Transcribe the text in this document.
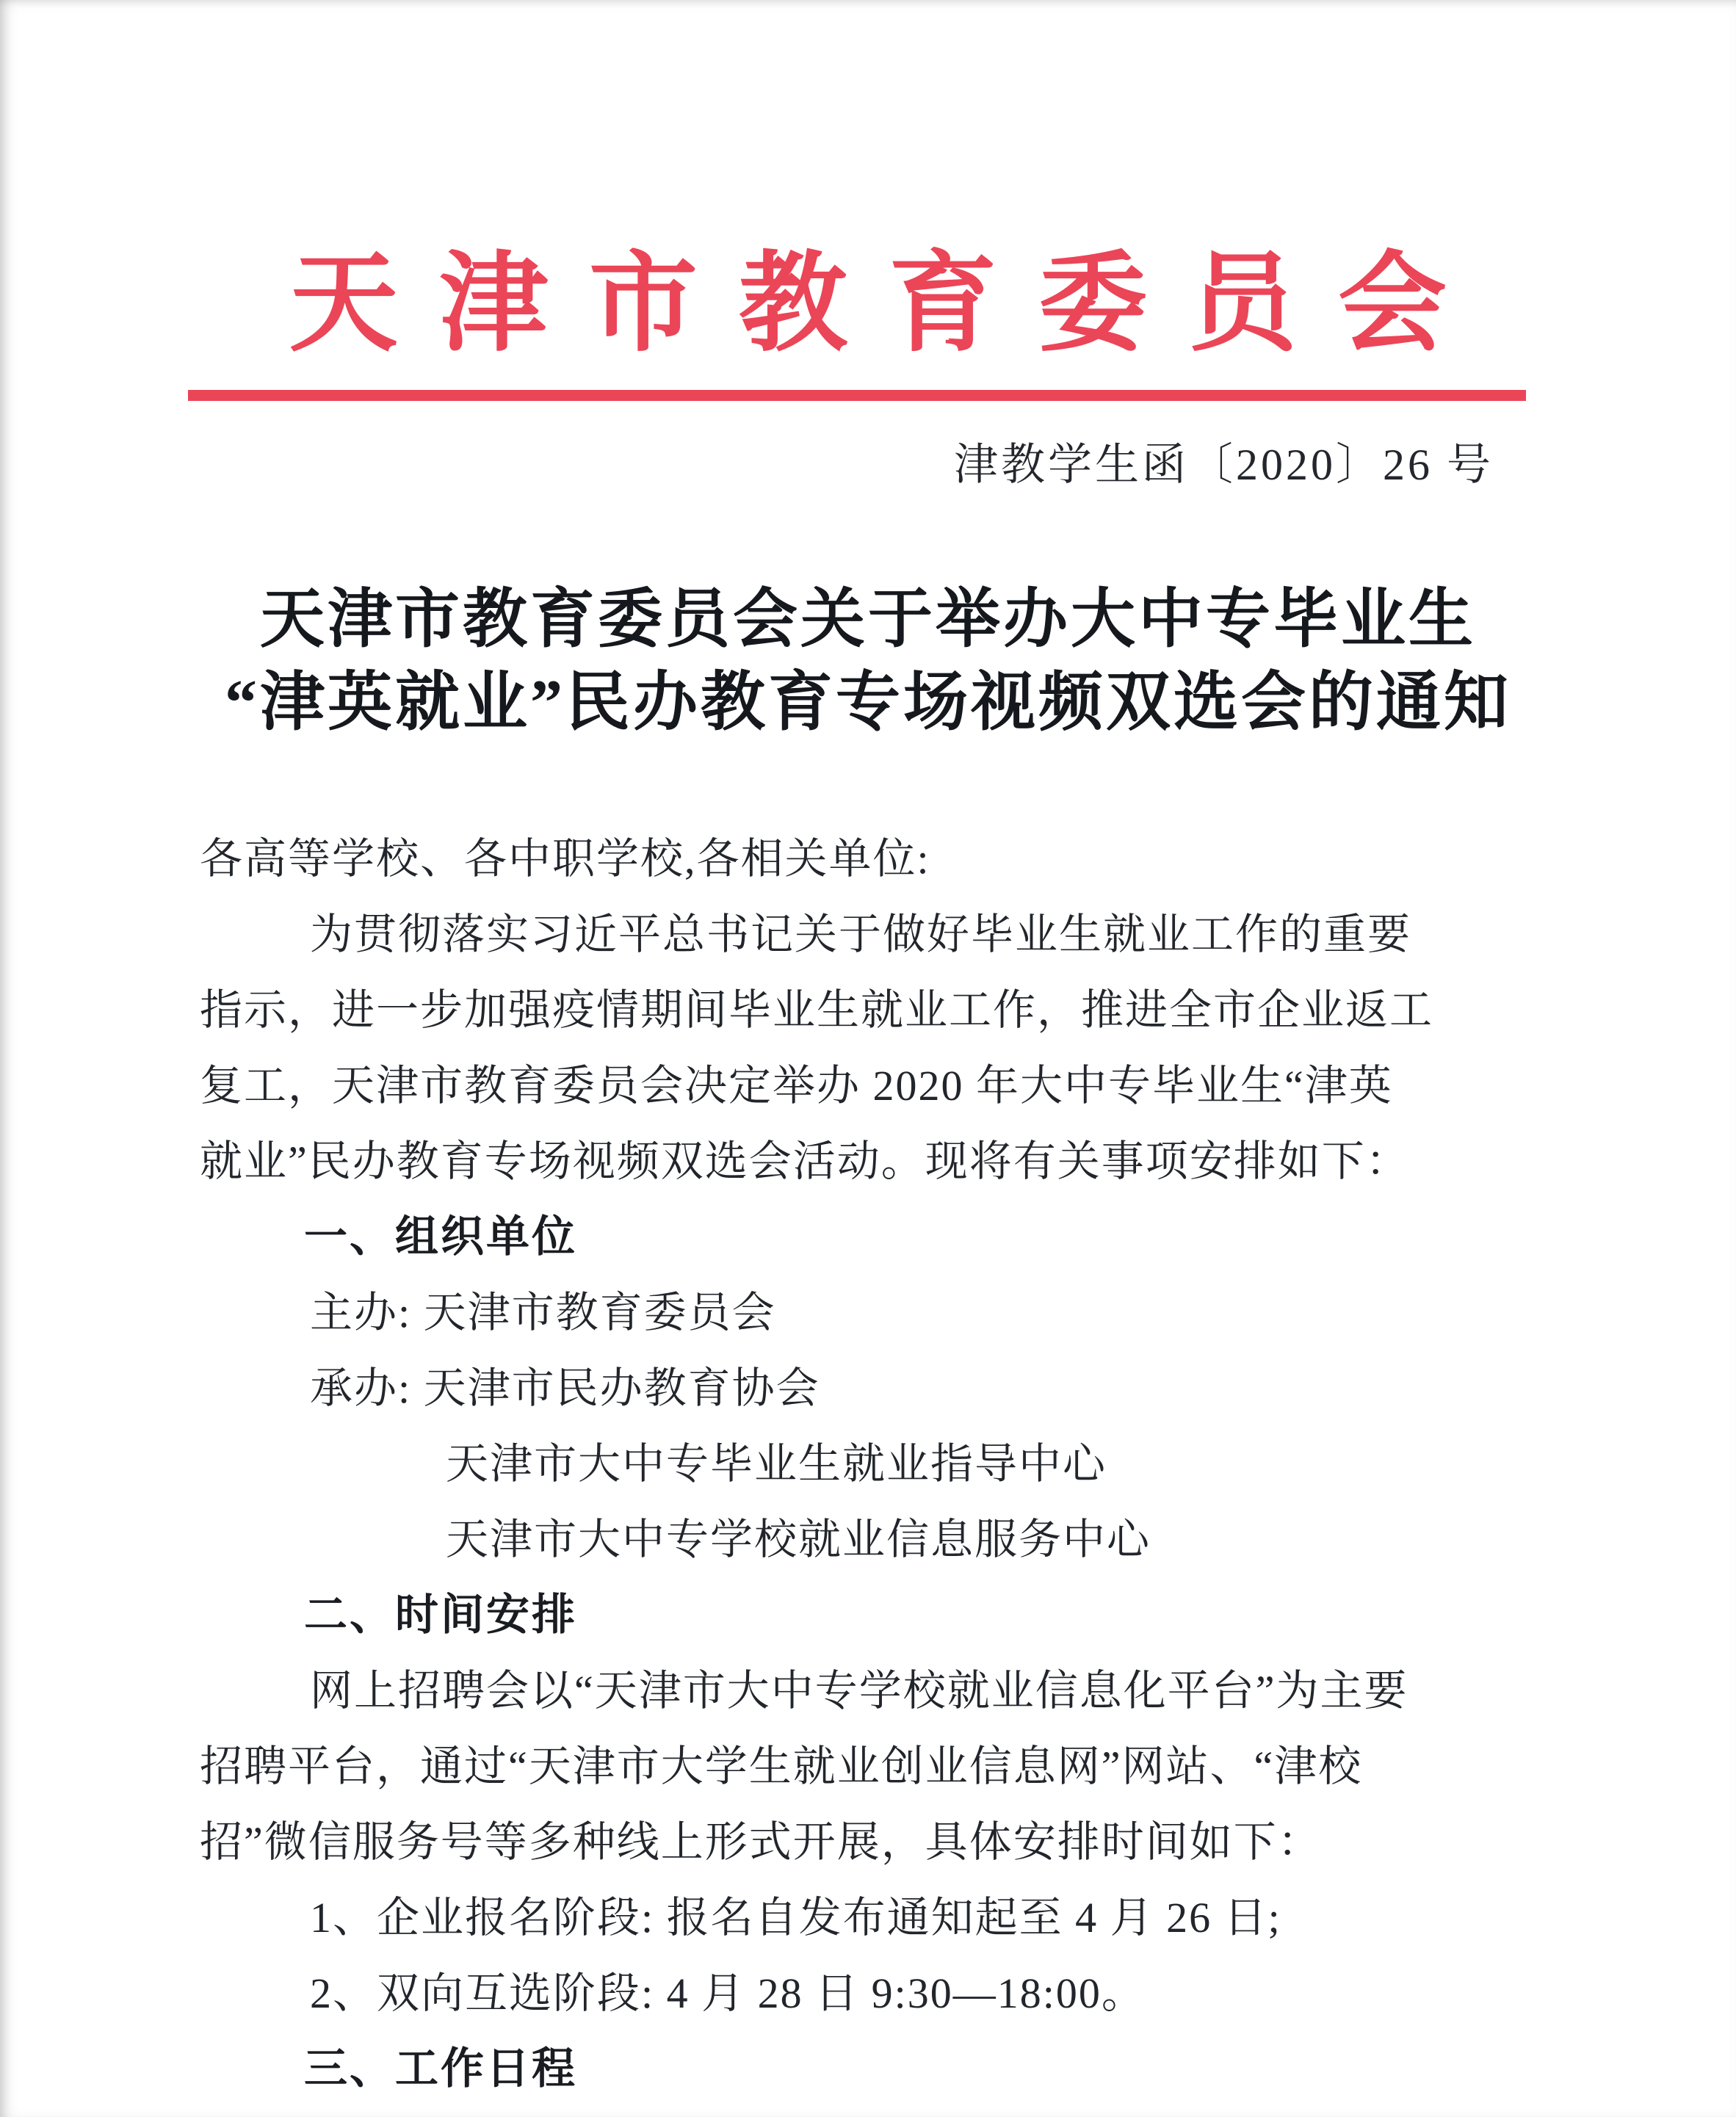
天津市教育委员会
津教学生函〔2020〕26 号
天津市教育委员会关于举办大中专毕业生
“津英就业”民办教育专场视频双选会的通知
各高等学校、各中职学校,各相关单位:
为贯彻落实习近平总书记关于做好毕业生就业工作的重要
指示，进一步加强疫情期间毕业生就业工作，推进全市企业返工
复工，天津市教育委员会决定举办 2020 年大中专毕业生“津英
就业”民办教育专场视频双选会活动。现将有关事项安排如下：
一、组织单位
主办: 天津市教育委员会
承办: 天津市民办教育协会
天津市大中专毕业生就业指导中心
天津市大中专学校就业信息服务中心
二、时间安排
网上招聘会以“天津市大中专学校就业信息化平台”为主要
招聘平台，通过“天津市大学生就业创业信息网”网站、“津校
招”微信服务号等多种线上形式开展，具体安排时间如下：
1、企业报名阶段: 报名自发布通知起至 4 月 26 日;
2、双向互选阶段: 4 月 28 日 9:30—18:00。
三、工作日程
